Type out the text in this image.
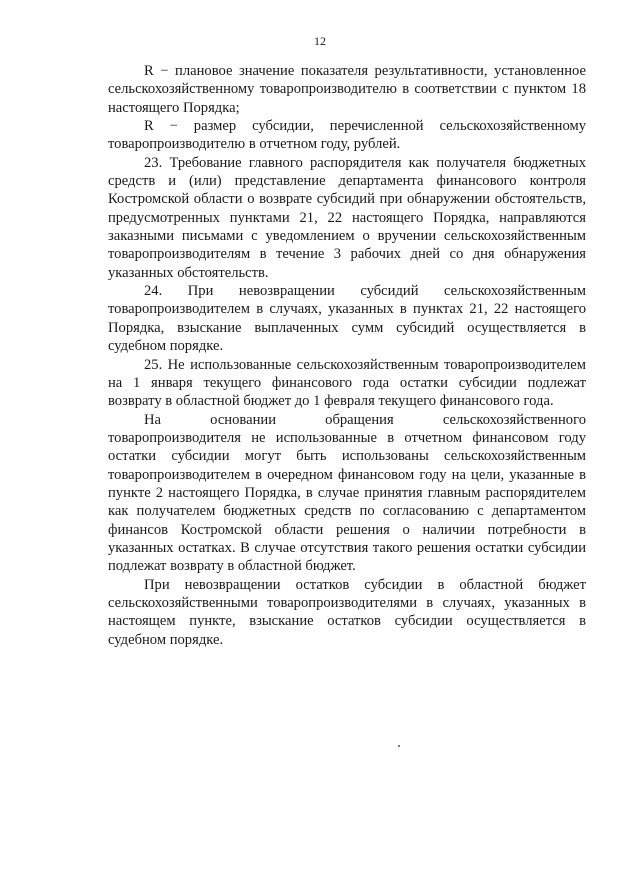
12

R − плановое значение показателя результативности, установленное сельскохозяйственному товаропроизводителю в соответствии с пунктом 18 настоящего Порядка;

R − размер субсидии, перечисленной сельскохозяйственному товаропроизводителю в отчетном году, рублей.

23. Требование главного распорядителя как получателя бюджетных средств и (или) представление департамента финансового контроля Костромской области о возврате субсидий при обнаружении обстоятельств, предусмотренных пунктами 21, 22 настоящего Порядка, направляются заказными письмами с уведомлением о вручении сельскохозяйственным товаропроизводителям в течение 3 рабочих дней со дня обнаружения указанных обстоятельств.

24. При невозвращении субсидий сельскохозяйственным товаропроизводителем в случаях, указанных в пунктах 21, 22 настоящего Порядка, взыскание выплаченных сумм субсидий осуществляется в судебном порядке.

25. Не использованные сельскохозяйственным товаропроизводителем на 1 января текущего финансового года остатки субсидии подлежат возврату в областной бюджет до 1 февраля текущего финансового года.

На основании обращения сельскохозяйственного товаропроизводителя не использованные в отчетном финансовом году остатки субсидии могут быть использованы сельскохозяйственным товаропроизводителем в очередном финансовом году на цели, указанные в пункте 2 настоящего Порядка, в случае принятия главным распорядителем как получателем бюджетных средств по согласованию с департаментом финансов Костромской области решения о наличии потребности в указанных остатках. В случае отсутствия такого решения остатки субсидии подлежат возврату в областной бюджет.

При невозвращении остатков субсидии в областной бюджет сельскохозяйственными товаропроизводителями в случаях, указанных в настоящем пункте, взыскание остатков субсидии осуществляется в судебном порядке.
